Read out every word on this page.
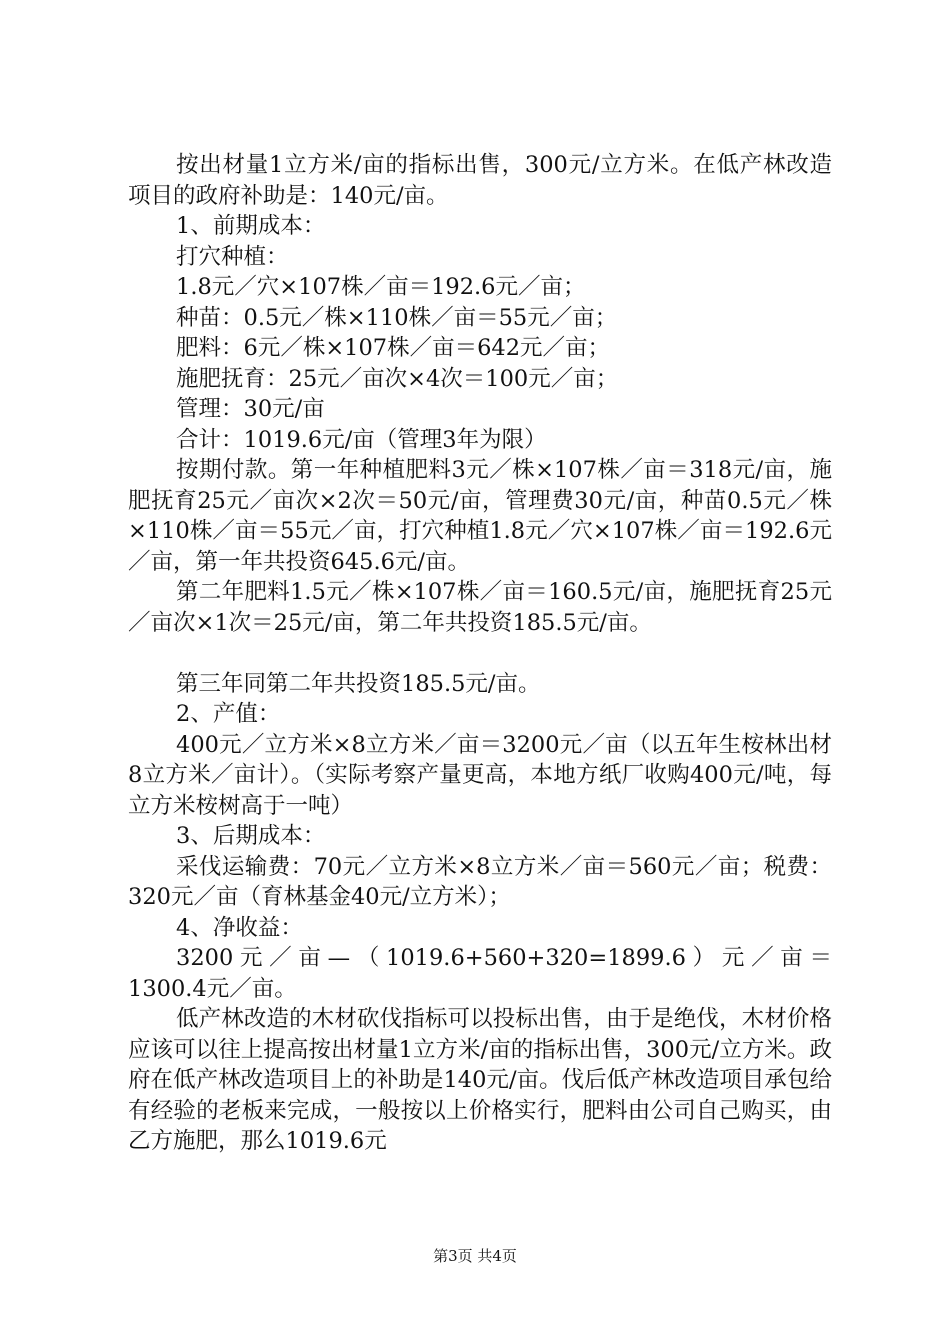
按出材量1立方米/亩的指标出售，300元/立方米。在低产林改造项目的政府补助是：140元/亩。

1、前期成本：

打穴种植：

1.8元／穴×107株／亩＝192.6元／亩；

种苗：0.5元／株×110株／亩＝55元／亩；

肥料：6元／株×107株／亩＝642元／亩；

施肥抚育：25元／亩次×4次＝100元／亩；

管理：30元/亩

合计：1019.6元/亩（管理3年为限）

按期付款。第一年种植肥料3元／株×107株／亩＝318元/亩，施肥抚育25元／亩次×2次＝50元/亩，管理费30元/亩，种苗0.5元／株×110株／亩＝55元／亩，打穴种植1.8元／穴×107株／亩＝192.6元／亩，第一年共投资645.6元/亩。

第二年肥料1.5元／株×107株／亩＝160.5元/亩，施肥抚育25元／亩次×1次＝25元/亩，第二年共投资185.5元/亩。

第三年同第二年共投资185.5元/亩。

2、产值：

400元／立方米×8立方米／亩＝3200元／亩（以五年生桉林出材8立方米／亩计）。（实际考察产量更高，本地方纸厂收购400元/吨，每立方米桉树高于一吨）

3、后期成本：

采伐运输费：70元／立方米×8立方米／亩＝560元／亩；税费：320元／亩（育林基金40元/立方米）；

4、净收益：

3200元／亩—（1019.6+560+320=1899.6）元／亩＝1300.4元／亩。

低产林改造的木材砍伐指标可以投标出售，由于是绝伐，木材价格应该可以往上提高按出材量1立方米/亩的指标出售，300元/立方米。政府在低产林改造项目上的补助是140元/亩。伐后低产林改造项目承包给有经验的老板来完成，一般按以上价格实行，肥料由公司自己购买，由乙方施肥，那么1019.6元

第3页 共4页
